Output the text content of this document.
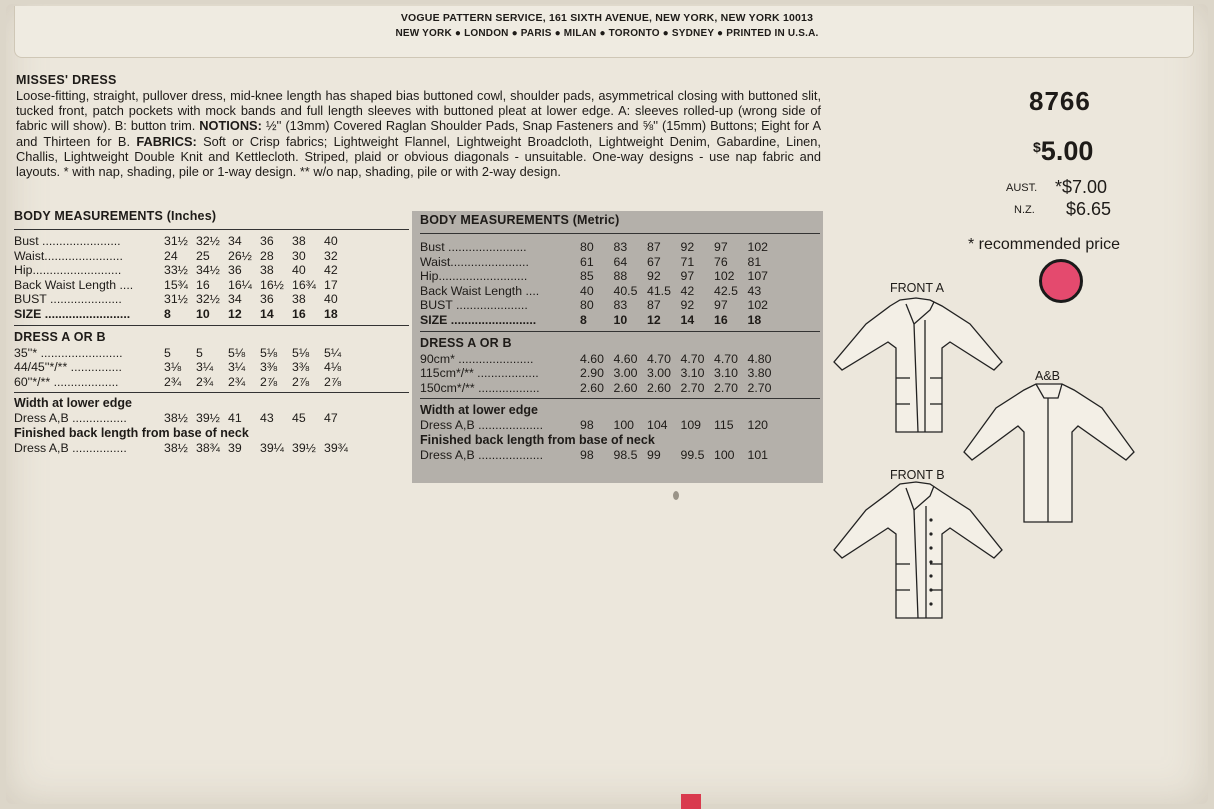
VOGUE PATTERN SERVICE, 161 SIXTH AVENUE, NEW YORK, NEW YORK 10013
NEW YORK ● LONDON ● PARIS ● MILAN ● TORONTO ● SYDNEY ● PRINTED IN U.S.A.
MISSES' DRESS
Loose-fitting, straight, pullover dress, mid-knee length has shaped bias buttoned cowl, shoulder pads, asymmetrical closing with buttoned slit, tucked front, patch pockets with mock bands and full length sleeves with buttoned pleat at lower edge. A: sleeves rolled-up (wrong side of fabric will show). B: button trim. NOTIONS: ½'' (13mm) Covered Raglan Shoulder Pads, Snap Fasteners and ⅝'' (15mm) Buttons; Eight for A and Thirteen for B. FABRICS: Soft or Crisp fabrics; Lightweight Flannel, Lightweight Broadcloth, Lightweight Denim, Gabardine, Linen, Challis, Lightweight Double Knit and Kettlecloth. Striped, plaid or obvious diagonals - unsuitable. One-way designs - use nap fabric and layouts. * with nap, shading, pile or 1-way design. ** w/o nap, shading, pile or with 2-way design.
BODY MEASUREMENTS (Inches)
Bust .......................	31½ 32½ 34	36	38	40
Waist.......................	24	25	26½ 28	30	32
Hip..........................	33½ 34½ 36	38	40	42
Back Waist Length ....	15¾ 16	16¼ 16½ 16¾ 17
BUST .....................	31½ 32½ 34	36	38	40
SIZE .........................	8	10	12	14	16	18
DRESS A OR B
35''* ........................	5	5	5⅛	5⅛	5⅛	5¼
44/45''*/** ...............	3⅛	3¼	3¼	3⅜	3⅜	4⅛
60''*/** ...................	2¾	2¾	2¾	2⅞	2⅞	2⅞
Width at lower edge
Dress A,B ................	38½ 39½ 41	43	45	47
Finished back length from base of neck
Dress A,B ................	38½ 38¾ 39	39¼ 39½ 39¾
BODY MEASUREMENTS (Metric)
Bust .......................	80	83	87	92	97	102
Waist.......................	61	64	67	71	76	81
Hip..........................	85	88	92	97	102	107
Back Waist Length ....	40	40.5 41.5 42	42.5 43
BUST .....................	80	83	87	92	97	102
SIZE .........................	8	10	12	14	16	18
DRESS A OR B
90cm* ......................	4.60 4.60 4.70 4.70 4.70 4.80
115cm*/** ..................	2.90 3.00 3.00 3.10 3.10 3.80
150cm*/** ..................	2.60 2.60 2.60 2.70 2.70 2.70
Width at lower edge
Dress A,B ...................	98	100	104	109	115	120
Finished back length from base of neck
Dress A,B ...................	98	98.5 99	99.5 100	101
8766
$5.00
AUST. *$7.00
N.Z. $6.65
* recommended price
FRONT A
A&B
FRONT B
